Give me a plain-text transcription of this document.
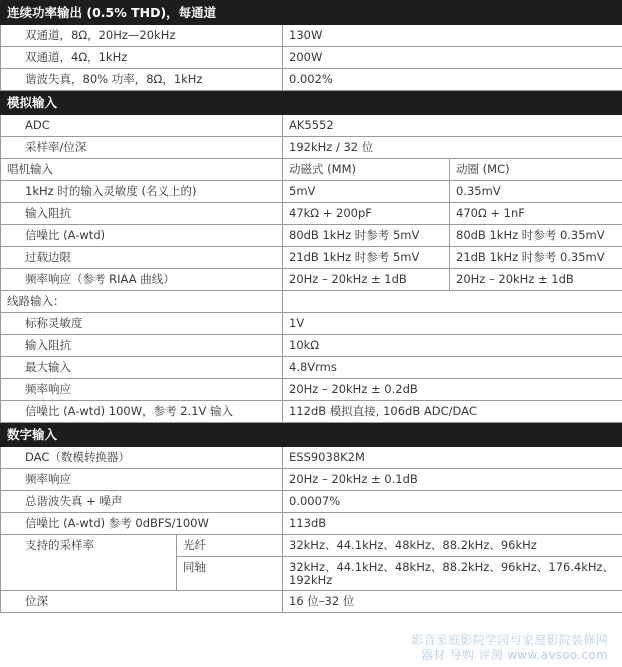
连续功率输出 (0.5% THD)，每通道			
双通道，8Ω，20Hz—20kHz		130W	
双通道，4Ω，1kHz		200W	
谐波失真，80% 功率，8Ω，1kHz		0.002%	
模拟输入			
ADC		AK5552	
采样率/位深		192kHz / 32 位	
唱机输入		动磁式 (MM)	动圈 (MC)
1kHz 时的输入灵敏度 (名义上的)		5mV	0.35mV
输入阻抗		47kΩ + 200pF	470Ω + 1nF
信噪比 (A-wtd)		80dB 1kHz 时参考 5mV	80dB 1kHz 时参考 0.35mV
过载边限		21dB 1kHz 时参考 5mV	21dB 1kHz 时参考 0.35mV
频率响应（参考 RIAA 曲线）		20Hz – 20kHz ± 1dB	20Hz – 20kHz ± 1dB
线路输入：			
标称灵敏度		1V	
输入阻抗		10kΩ	
最大输入		4.8Vrms	
频率响应		20Hz – 20kHz ± 0.2dB	
信噪比 (A-wtd) 100W，参考 2.1V 输入		112dB 模拟直接, 106dB ADC/DAC	
数字输入			
DAC（数模转换器）		ESS9038K2M	
频率响应		20Hz – 20kHz ± 0.1dB	
总谐波失真 + 噪声		0.0007%	
信噪比 (A-wtd) 参考 0dBFS/100W		113dB	
支持的采样率	光纤	32kHz、44.1kHz、48kHz、88.2kHz、96kHz	
	同轴	32kHz、44.1kHz、48kHz、88.2kHz、96kHz、176.4kHz、192kHz	
位深		16 位–32 位	
影音家庭影院学园与家庭影院装修网
器材 导购 评测 www.avsoo.com
